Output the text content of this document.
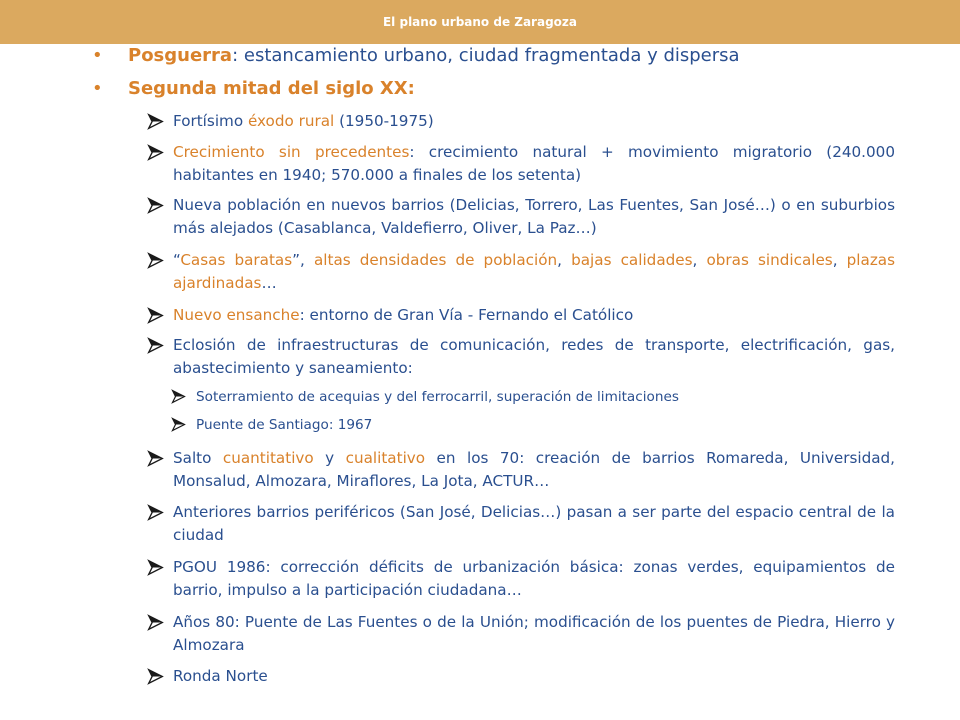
El plano urbano de Zaragoza
• Posguerra: estancamiento urbano, ciudad fragmentada y dispersa
• Segunda mitad del siglo XX:
Fortísimo éxodo rural (1950-1975)
Crecimiento sin precedentes: crecimiento natural + movimiento migratorio (240.000 habitantes en 1940; 570.000 a finales de los setenta)
Nueva población en nuevos barrios (Delicias, Torrero, Las Fuentes, San José…) o en suburbios más alejados (Casablanca, Valdefierro, Oliver, La Paz…)
“Casas baratas”, altas densidades de población, bajas calidades, obras sindicales, plazas ajardinadas…
Nuevo ensanche: entorno de Gran Vía - Fernando el Católico
Eclosión de infraestructuras de comunicación, redes de transporte, electrificación, gas, abastecimiento y saneamiento:
Soterramiento de acequias y del ferrocarril, superación de limitaciones
Puente de Santiago: 1967
Salto cuantitativo y cualitativo en los 70: creación de barrios Romareda, Universidad, Monsalud, Almozara, Miraflores, La Jota, ACTUR…
Anteriores barrios periféricos (San José, Delicias…) pasan a ser parte del espacio central de la ciudad
PGOU 1986: corrección déficits de urbanización básica: zonas verdes, equipamientos de barrio, impulso a la participación ciudadana…
Años 80: Puente de Las Fuentes o de la Unión; modificación de los puentes de Piedra, Hierro y Almozara
Ronda Norte
